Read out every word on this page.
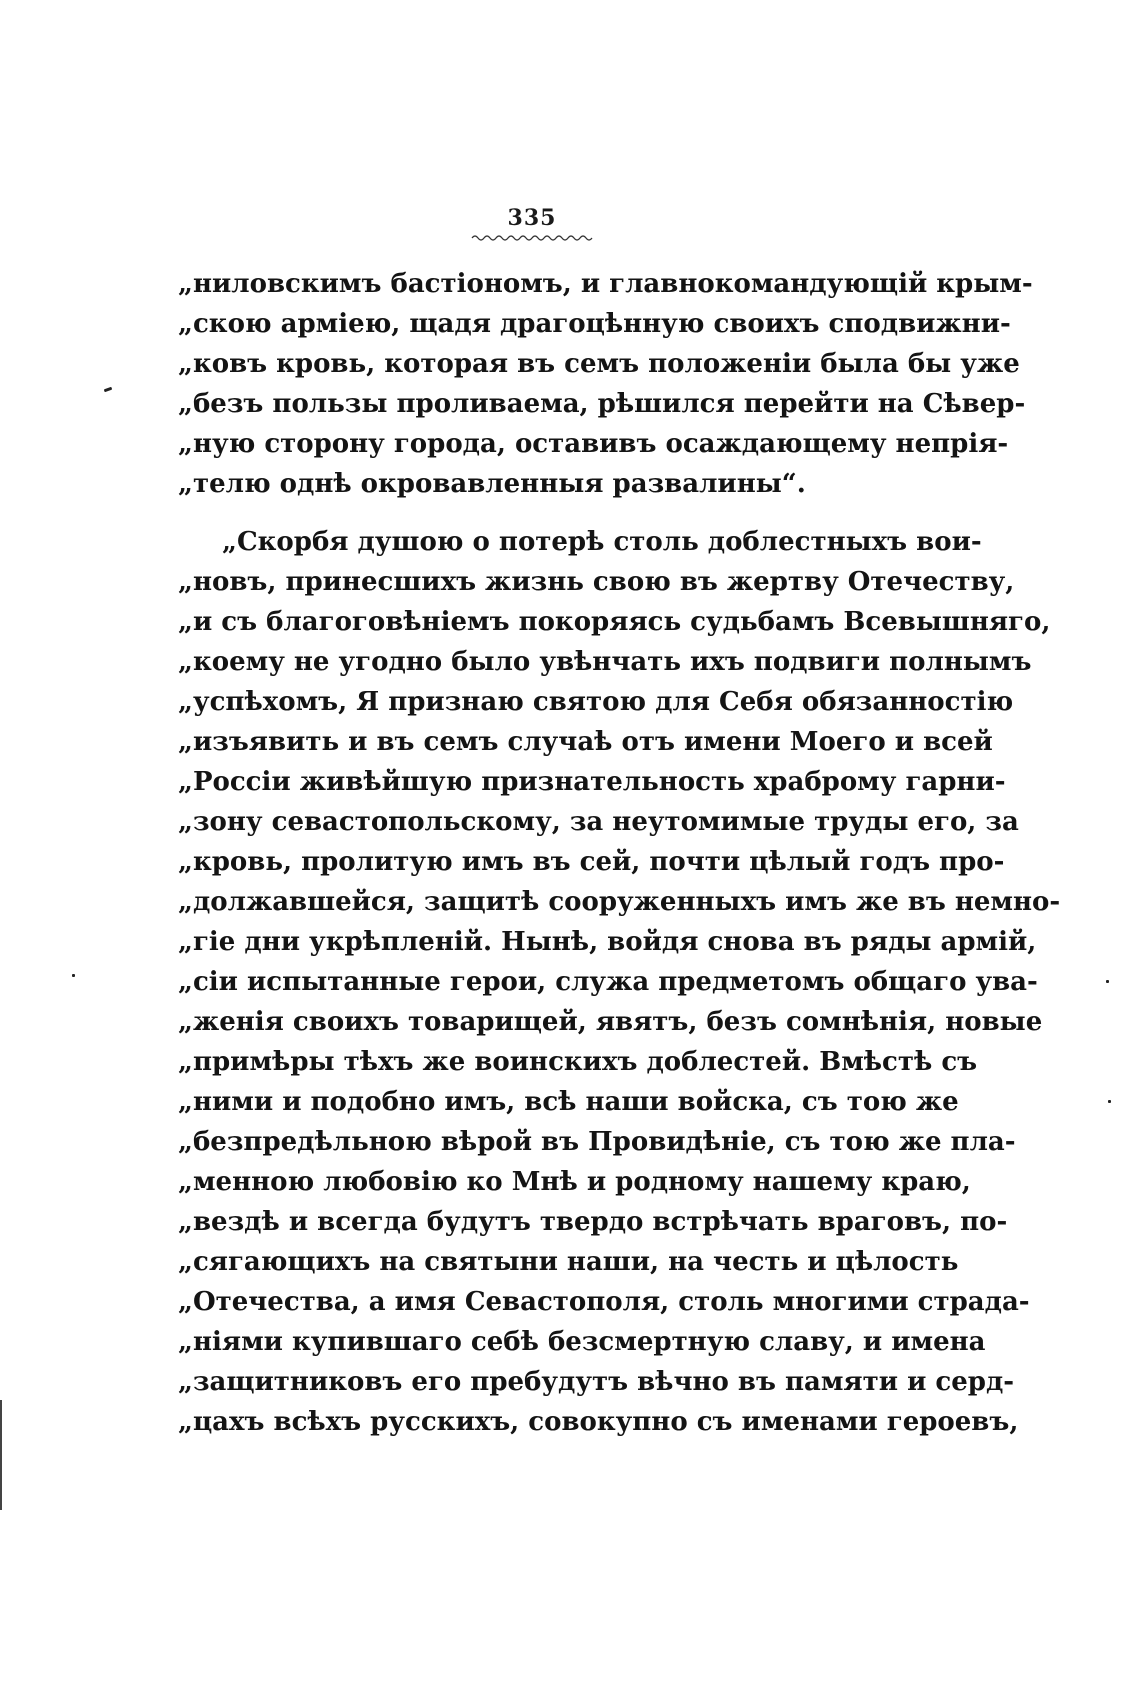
335
„ниловскимъ бастіономъ, и главнокомандующій крым-
„скою арміею, щадя драгоцѣнную своихъ сподвижни-
„ковъ кровь, которая въ семъ положеніи была бы уже
„безъ пользы проливаема, рѣшился перейти на Сѣвер-
„ную сторону города, оставивъ осаждающему непрія-
„телю однѣ окровавленныя развалины“.
„Скорбя душою о потерѣ столь доблестныхъ вои-
„новъ, принесшихъ жизнь свою въ жертву Отечеству,
„и съ благоговѣніемъ покоряясь судьбамъ Всевышняго,
„коему не угодно было увѣнчать ихъ подвиги полнымъ
„успѣхомъ, Я признаю святою для Себя обязанностію
„изъявить и въ семъ случаѣ отъ имени Моего и всей
„Россіи живѣйшую признательность храброму гарни-
„зону севастопольскому, за неутомимые труды его, за
„кровь, пролитую имъ въ сей, почти цѣлый годъ про-
„должавшейся, защитѣ сооруженныхъ имъ же въ немно-
„гіе дни укрѣпленій. Нынѣ, войдя снова въ ряды армій,
„сіи испытанные герои, служа предметомъ общаго ува-
„женія своихъ товарищей, явятъ, безъ сомнѣнія, новые
„примѣры тѣхъ же воинскихъ доблестей. Вмѣстѣ съ
„ними и подобно имъ, всѣ наши войска, съ тою же
„безпредѣльною вѣрой въ Провидѣніе, съ тою же пла-
„менною любовію ко Мнѣ и родному нашему краю,
„вездѣ и всегда будутъ твердо встрѣчать враговъ, по-
„сягающихъ на святыни наши, на честь и цѣлость
„Отечества, а имя Севастополя, столь многими страда-
„ніями купившаго себѣ безсмертную славу, и имена
„защитниковъ его пребудутъ вѣчно въ памяти и серд-
„цахъ всѣхъ русскихъ, совокупно съ именами героевъ,
